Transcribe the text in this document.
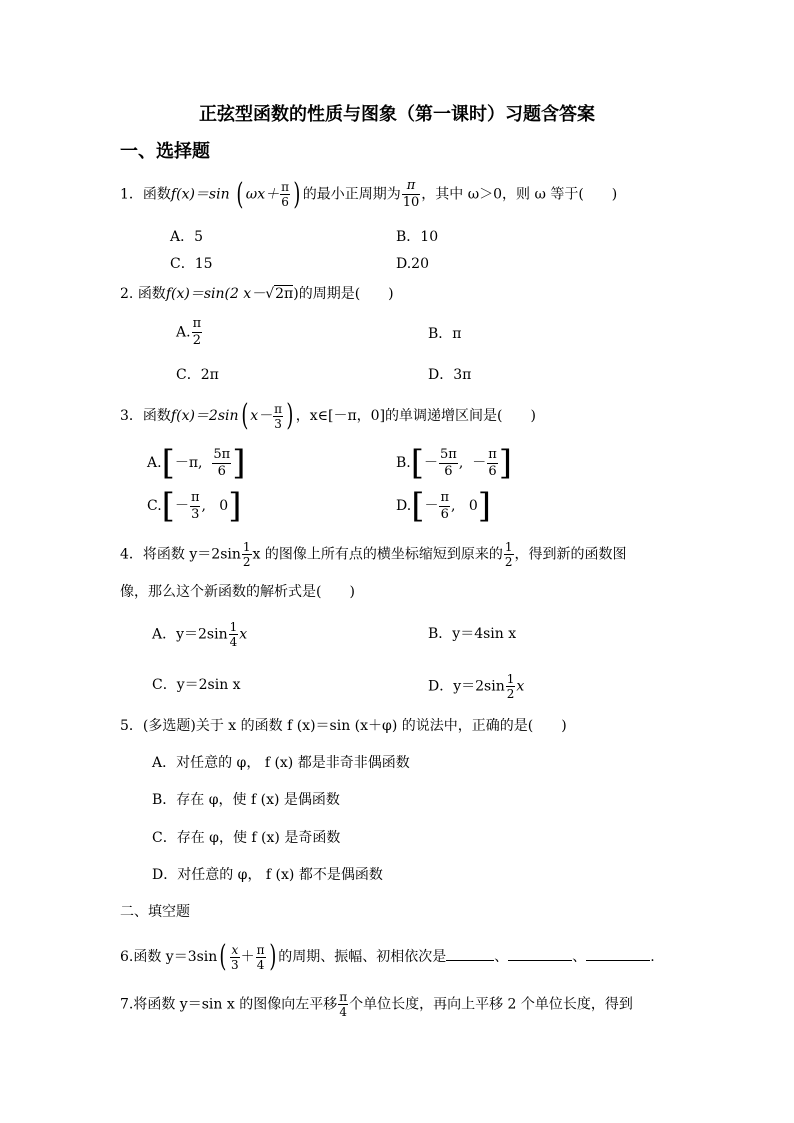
正弦型函数的性质与图象（第一课时）习题含答案
一、选择题
1．函数f(x)＝sin ( $\omega x+ \frac{\pi}{6}$ ) 的最小正周期为 $\frac{\pi}{10}$ ，其中 ω＞0，则 ω 等于(　　)
A．5	B．10
C．15	D.20
2. 函数f(x)＝sin(2 x－√2π)的周期是(　　)
A. $\frac{\pi}{2}$	B．π
C．2π	D．3π
3．函数f(x)＝2sin( $x- \frac{\pi}{3}$ ) ，x∈[－π，0]的单调递增区间是(　　)
A.[－π, $\frac{5\pi}{6}$ ]	$B.[- \frac{5\pi}{6}$ ,  － $\frac{\pi}{6}$ ]
$C.[- \frac{\pi}{3}$ ,   0]	$D.[- \frac{\pi}{6}$ ,   0]
4．将函数 $y=2\sin \frac{1}{2}$ x 的图像上所有点的横坐标缩短到原来的 $\frac{1}{2}$ ，得到新的函数图
像，那么这个新函数的解析式是(　　)
A．$y=2\sin \frac{1}{4}$ x	B．y＝4sin x
C．y＝2sin x	D．$y=2\sin \frac{1}{2}$ x
5．(多选题)关于 x 的函数 f (x)＝sin (x＋φ) 的说法中，正确的是(　　)
A．对任意的 φ， f (x) 都是非奇非偶函数
B．存在 φ，使 f (x) 是偶函数
C．存在 φ，使 f (x) 是奇函数
D．对任意的 φ， f (x) 都不是偶函数
二、填空题
6.函数 $y=3\sin( \frac{x}{3} + \frac{\pi}{4}$ ) 的周期、振幅、初相依次是	、	、	.
7.将函数 y＝sin x 的图像向左平移 $\frac{\pi}{4}$ 个单位长度，再向上平移 2 个单位长度，得到
